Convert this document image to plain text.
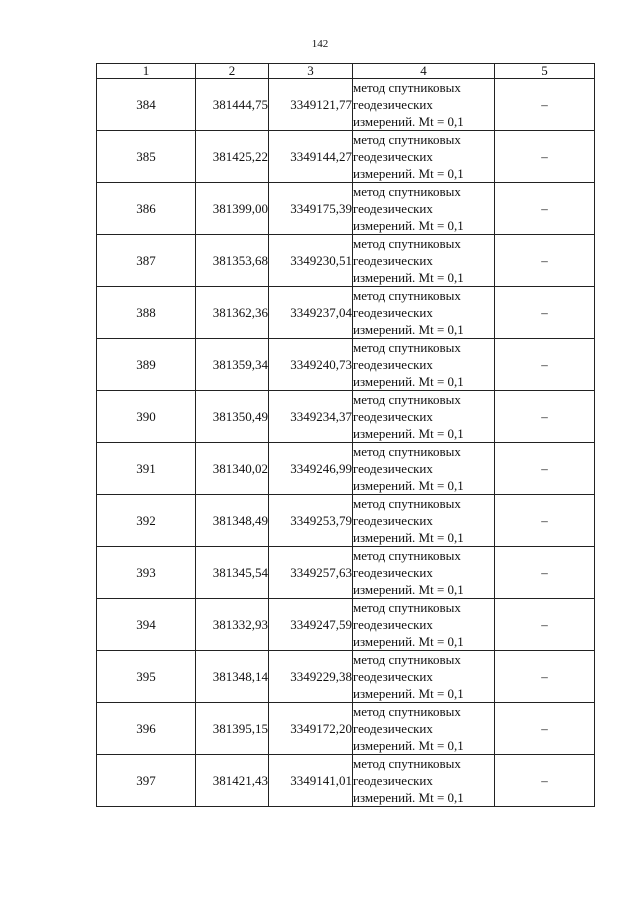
142
1	2	3	4	5
384	381444,75	3349121,77	метод спутниковых
геодезических
измерений. Mt = 0,1	–
385	381425,22	3349144,27	метод спутниковых
геодезических
измерений. Mt = 0,1	–
386	381399,00	3349175,39	метод спутниковых
геодезических
измерений. Mt = 0,1	–
387	381353,68	3349230,51	метод спутниковых
геодезических
измерений. Mt = 0,1	–
388	381362,36	3349237,04	метод спутниковых
геодезических
измерений. Mt = 0,1	–
389	381359,34	3349240,73	метод спутниковых
геодезических
измерений. Mt = 0,1	–
390	381350,49	3349234,37	метод спутниковых
геодезических
измерений. Mt = 0,1	–
391	381340,02	3349246,99	метод спутниковых
геодезических
измерений. Mt = 0,1	–
392	381348,49	3349253,79	метод спутниковых
геодезических
измерений. Mt = 0,1	–
393	381345,54	3349257,63	метод спутниковых
геодезических
измерений. Mt = 0,1	–
394	381332,93	3349247,59	метод спутниковых
геодезических
измерений. Mt = 0,1	–
395	381348,14	3349229,38	метод спутниковых
геодезических
измерений. Mt = 0,1	–
396	381395,15	3349172,20	метод спутниковых
геодезических
измерений. Mt = 0,1	–
397	381421,43	3349141,01	метод спутниковых
геодезических
измерений. Mt = 0,1	–
